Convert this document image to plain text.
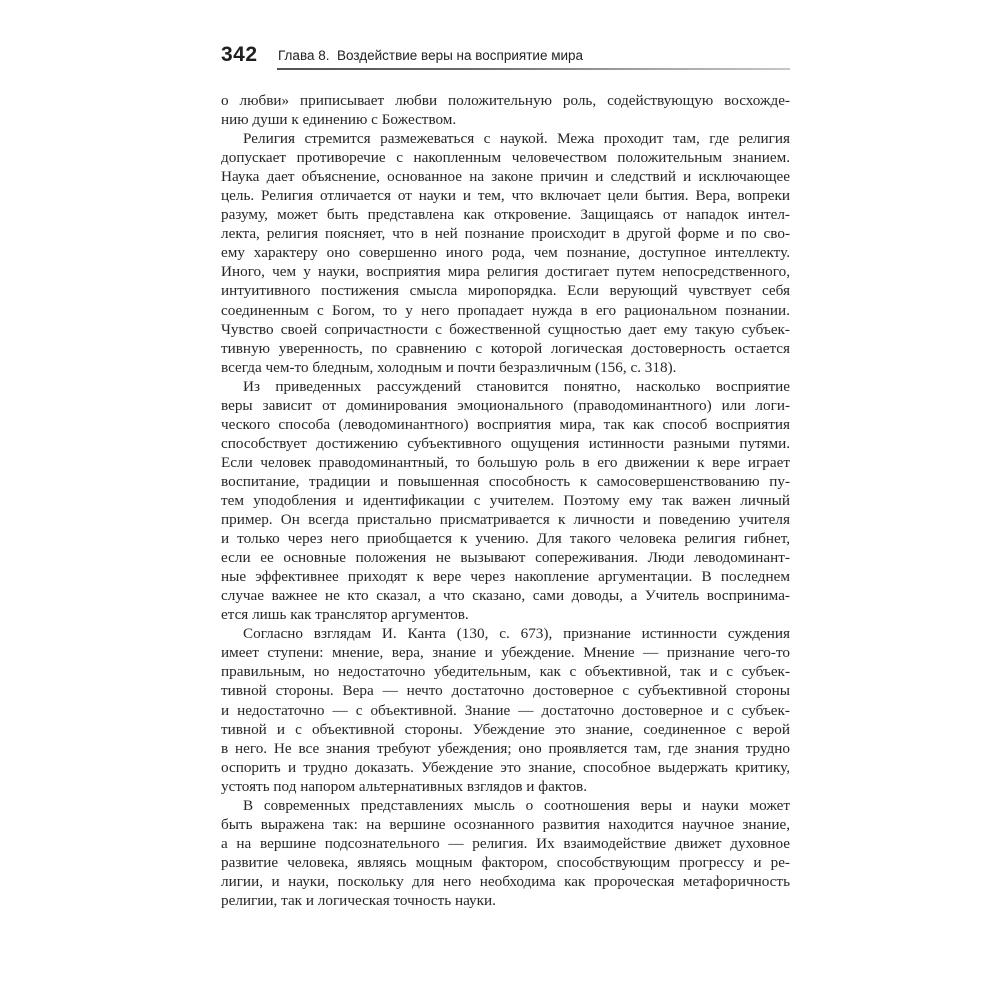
342 Глава 8.  Воздействие веры на восприятие мира
о любви» приписывает любви положительную роль, содействующую восхожде-
нию души к единению с Божеством.
Религия стремится размежеваться с наукой. Межа проходит там, где религия
допускает противоречие с накопленным человечеством положительным знанием.
Наука дает объяснение, основанное на законе причин и следствий и исключающее
цель. Религия отличается от науки и тем, что включает цели бытия. Вера, вопреки
разуму, может быть представлена как откровение. Защищаясь от нападок интел-
лекта, религия поясняет, что в ней познание происходит в другой форме и по сво-
ему характеру оно совершенно иного рода, чем познание, доступное интеллекту.
Иного, чем у науки, восприятия мира религия достигает путем непосредственного,
интуитивного постижения смысла миропорядка. Если верующий чувствует себя
соединенным с Богом, то у него пропадает нужда в его рациональном познании.
Чувство своей сопричастности с божественной сущностью дает ему такую субъек-
тивную уверенность, по сравнению с которой логическая достоверность остается
всегда чем-то бледным, холодным и почти безразличным (156, с. 318).
Из приведенных рассуждений становится понятно, насколько восприятие
веры зависит от доминирования эмоционального (праводоминантного) или логи-
ческого способа (леводоминантного) восприятия мира, так как способ восприятия
способствует достижению субъективного ощущения истинности разными путями.
Если человек праводоминантный, то большую роль в его движении к вере играет
воспитание, традиции и повышенная способность к самосовершенствованию пу-
тем уподобления и идентификации с учителем. Поэтому ему так важен личный
пример. Он всегда пристально присматривается к личности и поведению учителя
и только через него приобщается к учению. Для такого человека религия гибнет,
если ее основные положения не вызывают сопереживания. Люди леводоминант-
ные эффективнее приходят к вере через накопление аргументации. В последнем
случае важнее не кто сказал, а что сказано, сами доводы, а Учитель воспринима-
ется лишь как транслятор аргументов.
Согласно взглядам И. Канта (130, с. 673), признание истинности суждения
имеет ступени: мнение, вера, знание и убеждение. Мнение — признание чего-то
правильным, но недостаточно убедительным, как с объективной, так и с субъек-
тивной стороны. Вера — нечто достаточно достоверное с субъективной стороны
и недостаточно — с объективной. Знание — достаточно достоверное и с субъек-
тивной и с объективной стороны. Убеждение это знание, соединенное с верой
в него. Не все знания требуют убеждения; оно проявляется там, где знания трудно
оспорить и трудно доказать. Убеждение это знание, способное выдержать критику,
устоять под напором альтернативных взглядов и фактов.
В современных представлениях мысль о соотношения веры и науки может
быть выражена так: на вершине осознанного развития находится научное знание,
а на вершине подсознательного — религия. Их взаимодействие движет духовное
развитие человека, являясь мощным фактором, способствующим прогрессу и ре-
лигии, и науки, поскольку для него необходима как пророческая метафоричность
религии, так и логическая точность науки.
